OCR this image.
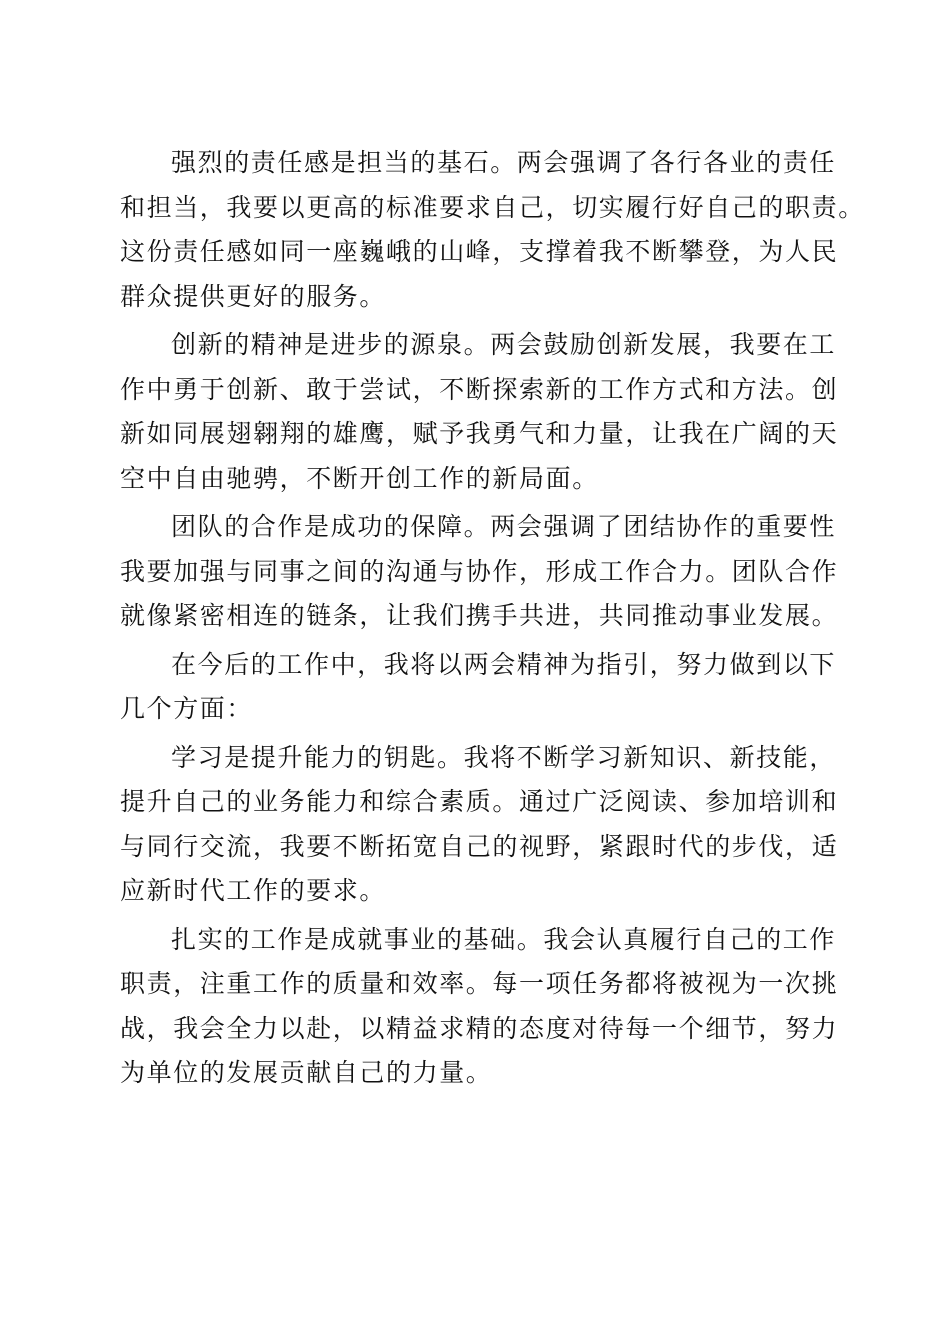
强烈的责任感是担当的基石。两会强调了各行各业的责任
和担当，我要以更高的标准要求自己，切实履行好自己的职责。
这份责任感如同一座巍峨的山峰，支撑着我不断攀登，为人民
群众提供更好的服务。

创新的精神是进步的源泉。两会鼓励创新发展，我要在工
作中勇于创新、敢于尝试，不断探索新的工作方式和方法。创
新如同展翅翱翔的雄鹰，赋予我勇气和力量，让我在广阔的天
空中自由驰骋，不断开创工作的新局面。

团队的合作是成功的保障。两会强调了团结协作的重要性
我要加强与同事之间的沟通与协作，形成工作合力。团队合作
就像紧密相连的链条，让我们携手共进，共同推动事业发展。

在今后的工作中，我将以两会精神为指引，努力做到以下
几个方面：

学习是提升能力的钥匙。我将不断学习新知识、新技能，
提升自己的业务能力和综合素质。通过广泛阅读、参加培训和
与同行交流，我要不断拓宽自己的视野，紧跟时代的步伐，适
应新时代工作的要求。

扎实的工作是成就事业的基础。我会认真履行自己的工作
职责，注重工作的质量和效率。每一项任务都将被视为一次挑
战，我会全力以赴，以精益求精的态度对待每一个细节，努力
为单位的发展贡献自己的力量。
